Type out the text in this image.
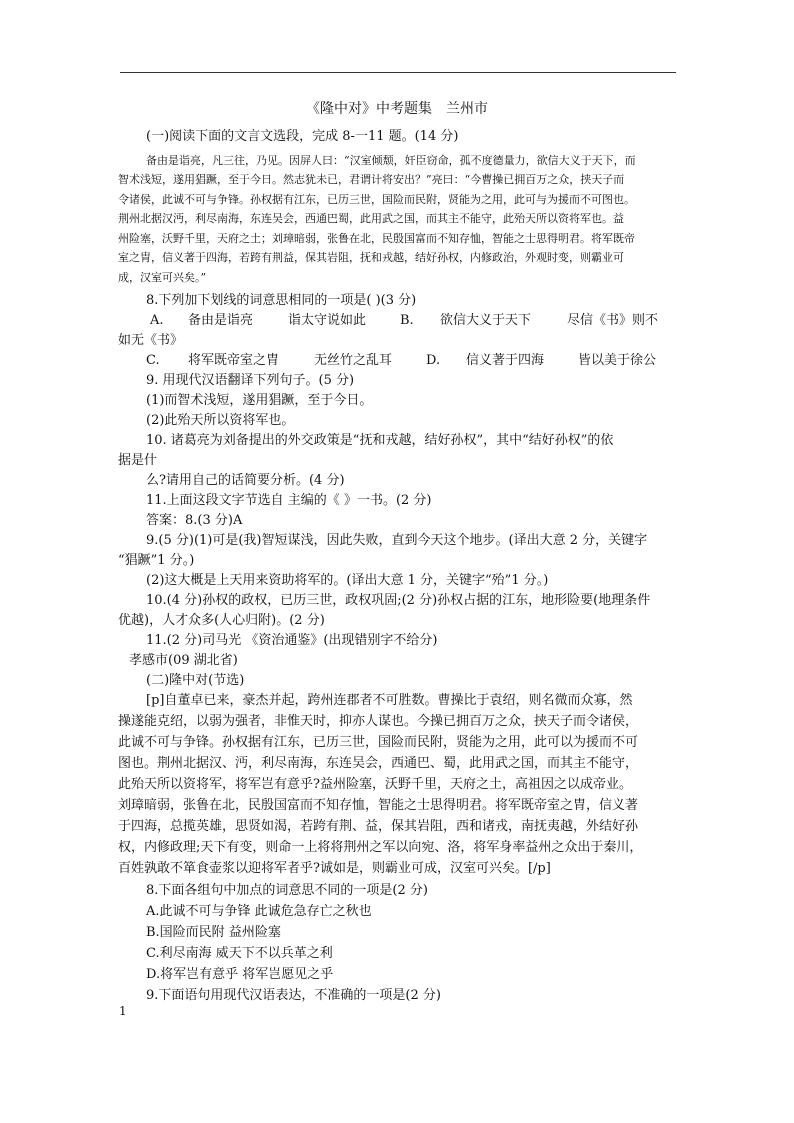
《隆中对》中考题集　兰州市
(一)阅读下面的文言文选段，完成 8-一11 题。(14 分)
备由是诣亮，凡三往，乃见。因屏人曰：“汉室倾颓，奸臣窃命，孤不度德量力，欲信大义于天下，而
智术浅短，遂用猖蹶，至于今日。然志犹未已，君谓计将安出？”亮曰：“今曹操已拥百万之众，挟天子而
令诸侯，此诚不可与争锋。孙权据有江东，已历三世，国险而民附，贤能为之用，此可与为援而不可图也。
荆州北据汉沔，利尽南海，东连吴会，西通巴蜀，此用武之国，而其主不能守，此殆天所以资将军也。益
州险塞，沃野千里，天府之土；刘璋暗弱，张鲁在北，民殷国富而不知存恤，智能之士思得明君。将军既帝
室之胄，信义著于四海，若跨有荆益，保其岩阻，抚和戎越，结好孙权，内修政治，外观时变，则霸业可
成，汉室可兴矣。”
8.下列加下划线的词意思相同的一项是( )(3 分)
A. 备由是诣亮	诣太守说如此	B. 欲信大义于天下	尽信《书》则不
如无《书》
C. 将军既帝室之胄	无丝竹之乱耳	D. 信义著于四海	皆以美于徐公
9. 用现代汉语翻译下列句子。(5 分)
(1)而智术浅短，遂用猖蹶，至于今日。
(2)此殆天所以资将军也。
10. 诸葛亮为刘备提出的外交政策是“抚和戎越，结好孙权”，其中“结好孙权”的依
据是什
么?请用自己的话简要分析。(4 分)
11.上面这段文字节选自 主编的《 》一书。(2 分)
答案：8.(3 分)A
9.(5 分)(1)可是(我)智短谋浅，因此失败，直到今天这个地步。(译出大意 2 分，关键字
“猖蹶”1 分。)
(2)这大概是上天用来资助将军的。(译出大意 1 分，关键字“殆”1 分。)
10.(4 分)孙权的政权，已历三世，政权巩固;(2 分)孙权占据的江东，地形险要(地理条件
优越)，人才众多(人心归附)。(2 分)
11.(2 分)司马光 《资治通鉴》(出现错别字不给分)
孝感市(09 湖北省)
(二)隆中对(节选)
[p]自董卓已来，豪杰并起，跨州连郡者不可胜数。曹操比于袁绍，则名微而众寡，然
操遂能克绍，以弱为强者，非惟天时，抑亦人谋也。今操已拥百万之众，挟天子而令诸侯，
此诚不可与争锋。孙权据有江东，已历三世，国险而民附，贤能为之用，此可以为援而不可
图也。荆州北据汉、沔，利尽南海，东连吴会，西通巴、蜀，此用武之国，而其主不能守，
此殆天所以资将军，将军岂有意乎?益州险塞，沃野千里，天府之土，高祖因之以成帝业。
刘璋暗弱，张鲁在北，民殷国富而不知存恤，智能之士思得明君。将军既帝室之胄，信义著
于四海，总揽英雄，思贤如渴，若跨有荆、益，保其岩阻，西和诸戎，南抚夷越，外结好孙
权，内修政理;天下有变，则命一上将将荆州之军以向宛、洛，将军身率益州之众出于秦川，
百姓孰敢不箪食壶浆以迎将军者乎?诚如是，则霸业可成，汉室可兴矣。[/p]
8.下面各组句中加点的词意思不同的一项是(2 分)
A.此诚不可与争锋 此诚危急存亡之秋也
B.国险而民附 益州险塞
C.利尽南海 威天下不以兵革之利
D.将军岂有意乎 将军岂愿见之乎
9.下面语句用现代汉语表达，不准确的一项是(2 分)
1
